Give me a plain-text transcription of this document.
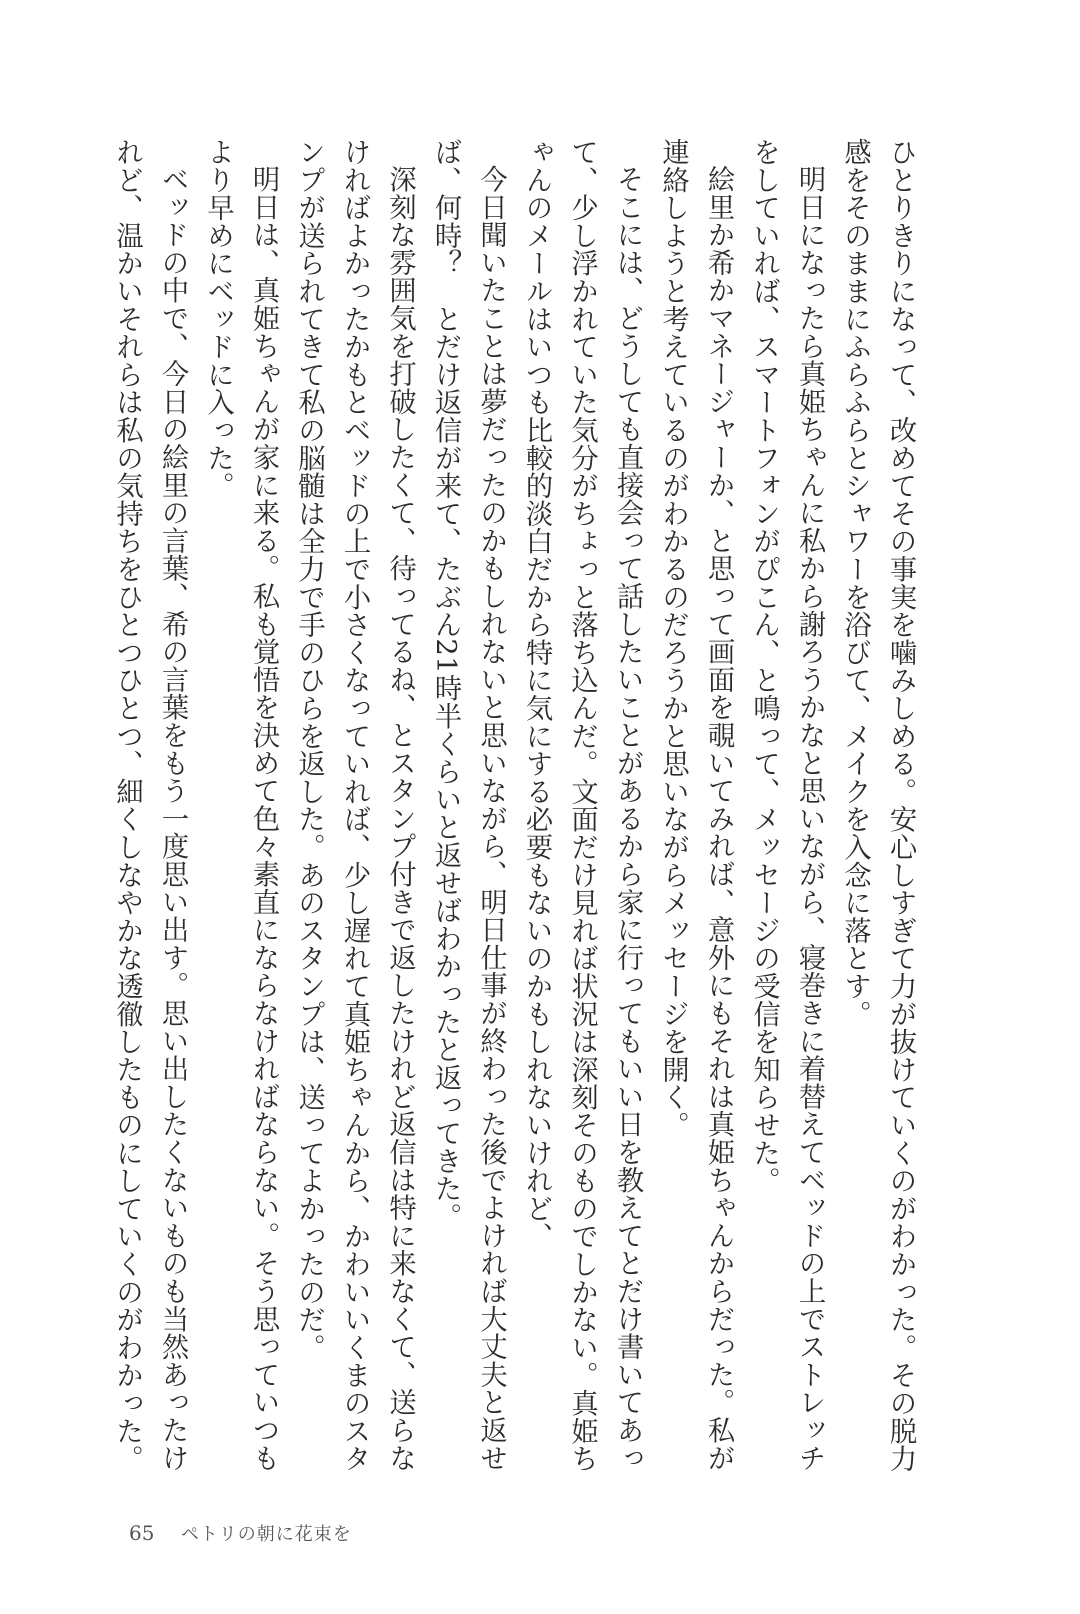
ひとりきりになって、改めてその事実を噛みしめる。安心しすぎて力が抜けていくのがわかった。その脱力感をそのままにふらふらとシャワーを浴びて、メイクを入念に落とす。

明日になったら真姫ちゃんに私から謝ろうかなと思いながら、寝巻きに着替えてベッドの上でストレッチをしていれば、スマートフォンがぴこん、と鳴って、メッセージの受信を知らせた。

絵里か希かマネージャーか、と思って画面を覗いてみれば、意外にもそれは真姫ちゃんからだった。私が連絡しようと考えているのがわかるのだろうかと思いながらメッセージを開く。

そこには、どうしても直接会って話したいことがあるから家に行ってもいい日を教えてとだけ書いてあって、少し浮かれていた気分がちょっと落ち込んだ。文面だけ見れば状況は深刻そのものでしかない。真姫ちゃんのメールはいつも比較的淡白だから特に気にする必要もないのかもしれないけれど、

今日聞いたことは夢だったのかもしれないと思いながら、明日仕事が終わった後でよければ大丈夫と返せば、何時？　とだけ返信が来て、たぶん21時半くらいと返せばわかったと返ってきた。

深刻な雰囲気を打破したくて、待ってるね、とスタンプ付きで返したけれど返信は特に来なくて、送らなければよかったかもとベッドの上で小さくなっていれば、少し遅れて真姫ちゃんから、かわいいくまのスタンプが送られてきて私の脳髄は全力で手のひらを返した。あのスタンプは、送ってよかったのだ。

明日は、真姫ちゃんが家に来る。私も覚悟を決めて色々素直にならなければならない。そう思っていつもより早めにベッドに入った。

ベッドの中で、今日の絵里の言葉、希の言葉をもう一度思い出す。思い出したくないものも当然あったけれど、温かいそれらは私の気持ちをひとつひとつ、細くしなやかな透徹したものにしていくのがわかった。

65 ペトリの朝に花束を
